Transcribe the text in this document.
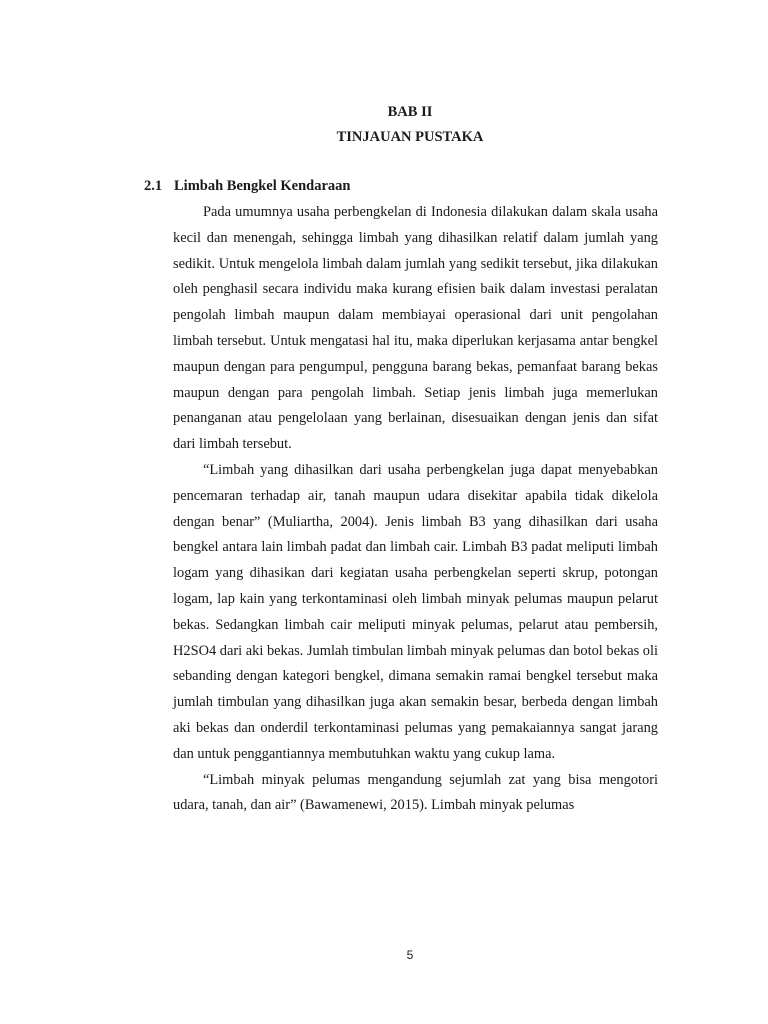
BAB II
TINJAUAN PUSTAKA
2.1 Limbah Bengkel Kendaraan

Pada umumnya usaha perbengkelan di Indonesia dilakukan dalam skala usaha kecil dan menengah, sehingga limbah yang dihasilkan relatif dalam jumlah yang sedikit. Untuk mengelola limbah dalam jumlah yang sedikit tersebut, jika dilakukan oleh penghasil secara individu maka kurang efisien baik dalam investasi peralatan pengolah limbah maupun dalam membiayai operasional dari unit pengolahan limbah tersebut. Untuk mengatasi hal itu, maka diperlukan kerjasama antar bengkel maupun dengan para pengumpul, pengguna barang bekas, pemanfaat barang bekas maupun dengan para pengolah limbah. Setiap jenis limbah juga memerlukan penanganan atau pengelolaan yang berlainan, disesuaikan dengan jenis dan sifat dari limbah tersebut.

“Limbah yang dihasilkan dari usaha perbengkelan juga dapat menyebabkan pencemaran terhadap air, tanah maupun udara disekitar apabila tidak dikelola dengan benar” (Muliartha, 2004). Jenis limbah B3 yang dihasilkan dari usaha bengkel antara lain limbah padat dan limbah cair. Limbah B3 padat meliputi limbah logam yang dihasikan dari kegiatan usaha perbengkelan seperti skrup, potongan logam, lap kain yang terkontaminasi oleh limbah minyak pelumas maupun pelarut bekas. Sedangkan limbah cair meliputi minyak pelumas, pelarut atau pembersih, H2SO4 dari aki bekas. Jumlah timbulan limbah minyak pelumas dan botol bekas oli sebanding dengan kategori bengkel, dimana semakin ramai bengkel tersebut maka jumlah timbulan yang dihasilkan juga akan semakin besar, berbeda dengan limbah aki bekas dan onderdil terkontaminasi pelumas yang pemakaiannya sangat jarang dan untuk penggantiannya membutuhkan waktu yang cukup lama.

“Limbah minyak pelumas mengandung sejumlah zat yang bisa mengotori udara, tanah, dan air” (Bawamenewi, 2015). Limbah minyak pelumas

5
